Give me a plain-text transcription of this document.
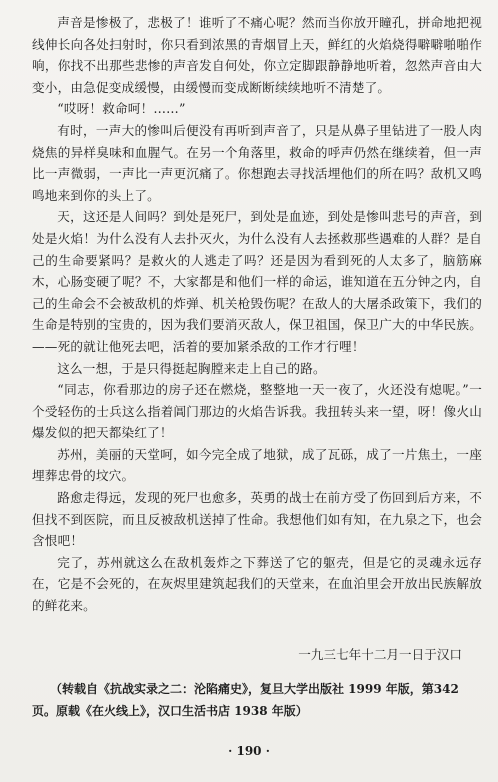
声音是惨极了，悲极了！谁听了不痛心呢？然而当你放开瞳孔，拼命地把视线伸长向各处扫射时，你只看到浓黑的青烟冒上天，鲜红的火焰烧得噼噼啪啪作响，你找不出那些悲惨的声音发自何处，你立定脚跟静静地听着，忽然声音由大变小，由急促变成缓慢，由缓慢而变成断断续续地听不清楚了。

“哎呀！救命呵！……”

有时，一声大的惨叫后便没有再听到声音了，只是从鼻子里钻进了一股人肉烧焦的异样臭味和血腥气。在另一个角落里，救命的呼声仍然在继续着，但一声比一声微弱，一声比一声更沉痛了。你想跑去寻找活埋他们的所在吗？敌机又鸣鸣地来到你的头上了。

天，这还是人间吗？到处是死尸，到处是血迹，到处是惨叫悲号的声音，到处是火焰！为什么没有人去扑灭火，为什么没有人去拯救那些遇难的人群？是自己的生命要紧吗？是救火的人逃走了吗？还是因为看到死的人太多了，脑筋麻木，心肠变硬了呢？不，大家都是和他们一样的命运，谁知道在五分钟之内，自己的生命会不会被敌机的炸弹、机关枪毁伤呢？在敌人的大屠杀政策下，我们的生命是特别的宝贵的，因为我们要消灭敌人，保卫祖国，保卫广大的中华民族。——死的就让他死去吧，活着的要加紧杀敌的工作才行哩！

这么一想，于是只得挺起胸膛来走上自己的路。

“同志，你看那边的房子还在燃烧，整整地一天一夜了，火还没有熄呢。”一个受轻伤的士兵这么指着阊门那边的火焰告诉我。我扭转头来一望，呀！像火山爆发似的把天都染红了！

苏州，美丽的天堂呵，如今完全成了地狱，成了瓦砾，成了一片焦土，一座埋葬忠骨的坟穴。

路愈走得远，发现的死尸也愈多，英勇的战士在前方受了伤回到后方来，不但找不到医院，而且反被敌机送掉了性命。我想他们如有知，在九泉之下，也会含恨吧！

完了，苏州就这么在敌机轰炸之下葬送了它的躯壳，但是它的灵魂永远存在，它是不会死的，在灰烬里建筑起我们的天堂来，在血泊里会开放出民族解放的鲜花来。

一九三七年十二月一日于汉口
（转载自《抗战实录之二：沦陷痛史》，复旦大学出版社 1999 年版，第342 页。原载《在火线上》，汉口生活书店 1938 年版）
· 190 ·
